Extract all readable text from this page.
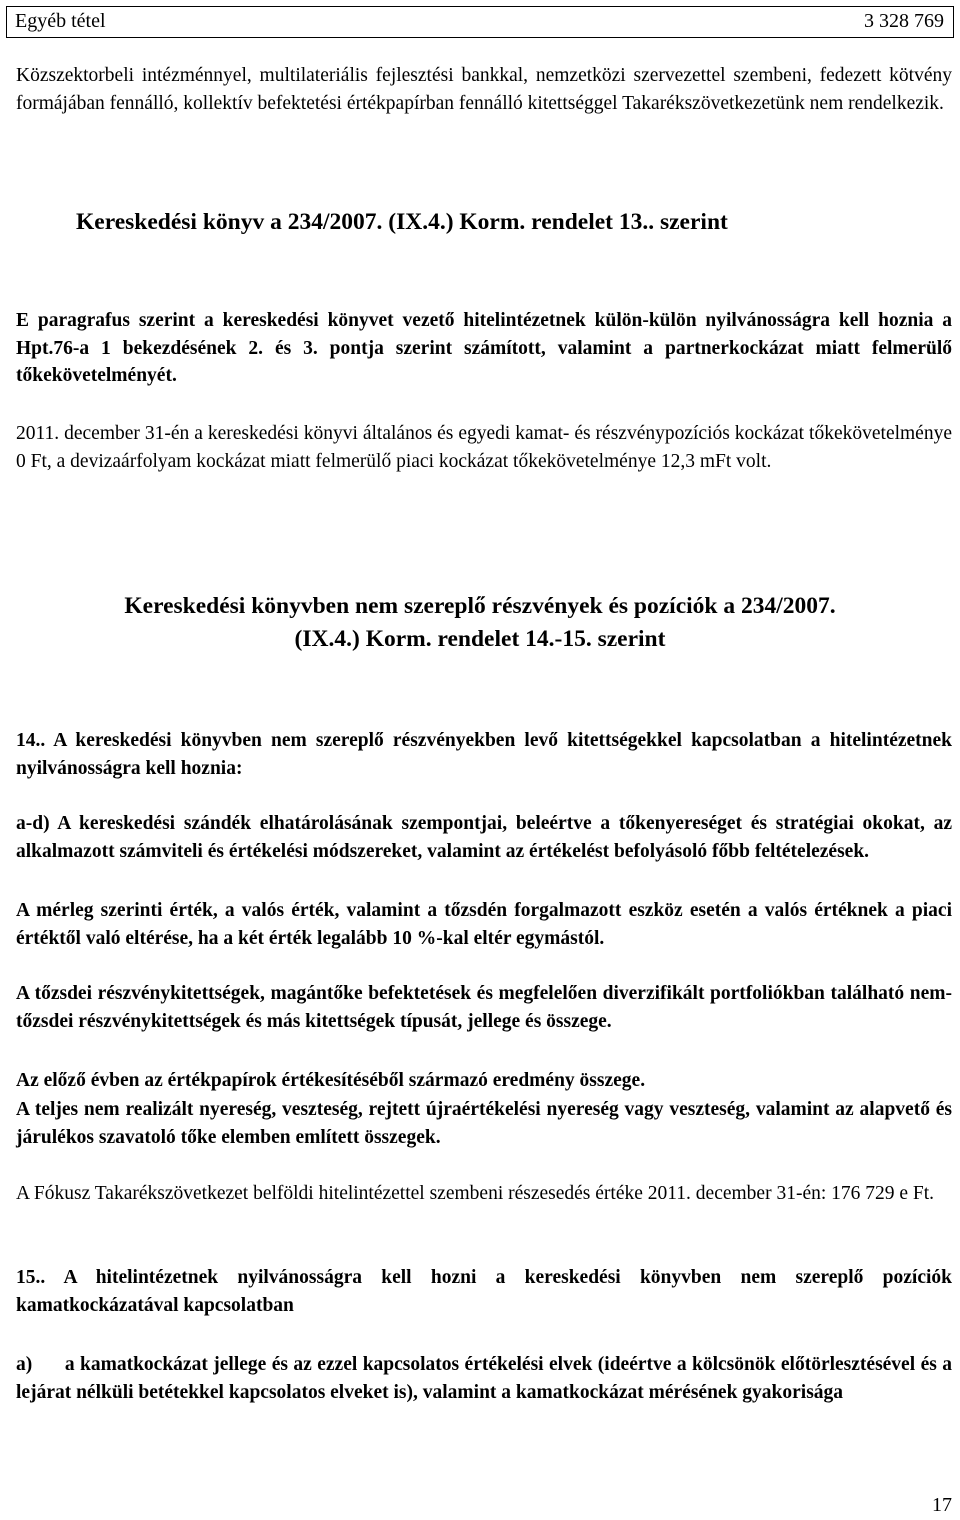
Egyéb tétel	3 328 769

Közszektorbeli intézménnyel, multilateriális fejlesztési bankkal, nemzetközi szervezettel szembeni, fedezett kötvény formájában fennálló, kollektív befektetési értékpapírban fennálló kitettséggel Takarékszövetkezetünk nem rendelkezik.

Kereskedési könyv a 234/2007. (IX.4.) Korm. rendelet 13.. szerint

E paragrafus szerint a kereskedési könyvet vezető hitelintézetnek külön-külön nyilvánosságra kell hoznia a Hpt.76-a 1 bekezdésének 2. és 3. pontja szerint számított, valamint a partnerkockázat miatt felmerülő tőkekövetelményét.

2011. december 31-én a kereskedési könyvi általános és egyedi kamat- és részvénypozíciós kockázat tőkekövetelménye 0 Ft, a devizaárfolyam kockázat miatt felmerülő piaci kockázat tőkekövetelménye 12,3 mFt volt.

Kereskedési könyvben nem szereplő részvények és pozíciók a 234/2007.
(IX.4.) Korm. rendelet 14.-15. szerint

14.. A kereskedési könyvben nem szereplő részvényekben levő kitettségekkel kapcsolatban a hitelintézetnek nyilvánosságra kell hoznia:

a-d) A kereskedési szándék elhatárolásának szempontjai, beleértve a tőkenyereséget és stratégiai okokat, az alkalmazott számviteli és értékelési módszereket, valamint az értékelést befolyásoló főbb feltételezések.

A mérleg szerinti érték, a valós érték, valamint a tőzsdén forgalmazott eszköz esetén a valós értéknek a piaci értéktől való eltérése, ha a két érték legalább 10 %-kal eltér egymástól.

A tőzsdei részvénykitettségek, magántőke befektetések és megfelelően diverzifikált portfoliókban található nem-tőzsdei részvénykitettségek és más kitettségek típusát, jellege és összege.

Az előző évben az értékpapírok értékesítéséből származó eredmény összege.

A teljes nem realizált nyereség, veszteség, rejtett újraértékelési nyereség vagy veszteség, valamint az alapvető és járulékos szavatoló tőke elemben említett összegek.

A Fókusz Takarékszövetkezet belföldi hitelintézettel szembeni részesedés értéke 2011. december 31-én: 176 729 e Ft.

15.. A hitelintézetnek nyilvánosságra kell hozni a kereskedési könyvben nem szereplő pozíciók kamatkockázatával kapcsolatban

a)      a kamatkockázat jellege és az ezzel kapcsolatos értékelési elvek (ideértve a kölcsönök előtörlesztésével és a lejárat nélküli betétekkel kapcsolatos elveket is), valamint a kamatkockázat mérésének gyakorisága

17
